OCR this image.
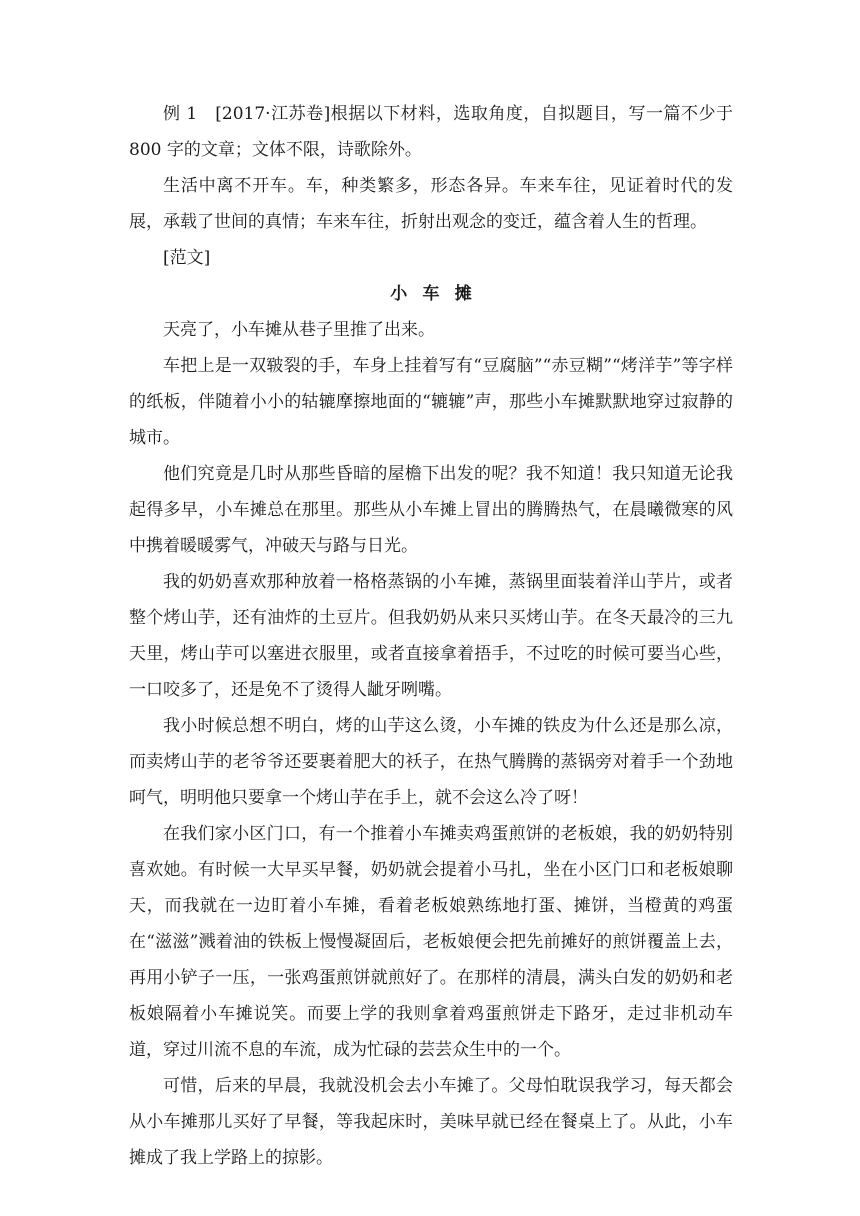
例 1　[2017·江苏卷]根据以下材料，选取角度，自拟题目，写一篇不少于 800 字的文章；文体不限，诗歌除外。

生活中离不开车。车，种类繁多，形态各异。车来车往，见证着时代的发展，承载了世间的真情；车来车往，折射出观念的变迁，蕴含着人生的哲理。

[范文]

小车摊

天亮了，小车摊从巷子里推了出来。

车把上是一双皲裂的手，车身上挂着写有“豆腐脑”“赤豆糊”“烤洋芋”等字样的纸板，伴随着小小的轱辘摩擦地面的“辘辘”声，那些小车摊默默地穿过寂静的城市。

他们究竟是几时从那些昏暗的屋檐下出发的呢？我不知道！我只知道无论我起得多早，小车摊总在那里。那些从小车摊上冒出的腾腾热气，在晨曦微寒的风中携着暖暖雾气，冲破天与路与日光。

我的奶奶喜欢那种放着一格格蒸锅的小车摊，蒸锅里面装着洋山芋片，或者整个烤山芋，还有油炸的土豆片。但我奶奶从来只买烤山芋。在冬天最冷的三九天里，烤山芋可以塞进衣服里，或者直接拿着捂手，不过吃的时候可要当心些，一口咬多了，还是免不了烫得人龇牙咧嘴。

我小时候总想不明白，烤的山芋这么烫，小车摊的铁皮为什么还是那么凉，而卖烤山芋的老爷爷还要裹着肥大的袄子，在热气腾腾的蒸锅旁对着手一个劲地呵气，明明他只要拿一个烤山芋在手上，就不会这么冷了呀！

在我们家小区门口，有一个推着小车摊卖鸡蛋煎饼的老板娘，我的奶奶特别喜欢她。有时候一大早买早餐，奶奶就会提着小马扎，坐在小区门口和老板娘聊天，而我就在一边盯着小车摊，看着老板娘熟练地打蛋、摊饼，当橙黄的鸡蛋在“滋滋”溅着油的铁板上慢慢凝固后，老板娘便会把先前摊好的煎饼覆盖上去，再用小铲子一压，一张鸡蛋煎饼就煎好了。在那样的清晨，满头白发的奶奶和老板娘隔着小车摊说笑。而要上学的我则拿着鸡蛋煎饼走下路牙，走过非机动车道，穿过川流不息的车流，成为忙碌的芸芸众生中的一个。

可惜，后来的早晨，我就没机会去小车摊了。父母怕耽误我学习，每天都会从小车摊那儿买好了早餐，等我起床时，美味早就已经在餐桌上了。从此，小车摊成了我上学路上的掠影。
